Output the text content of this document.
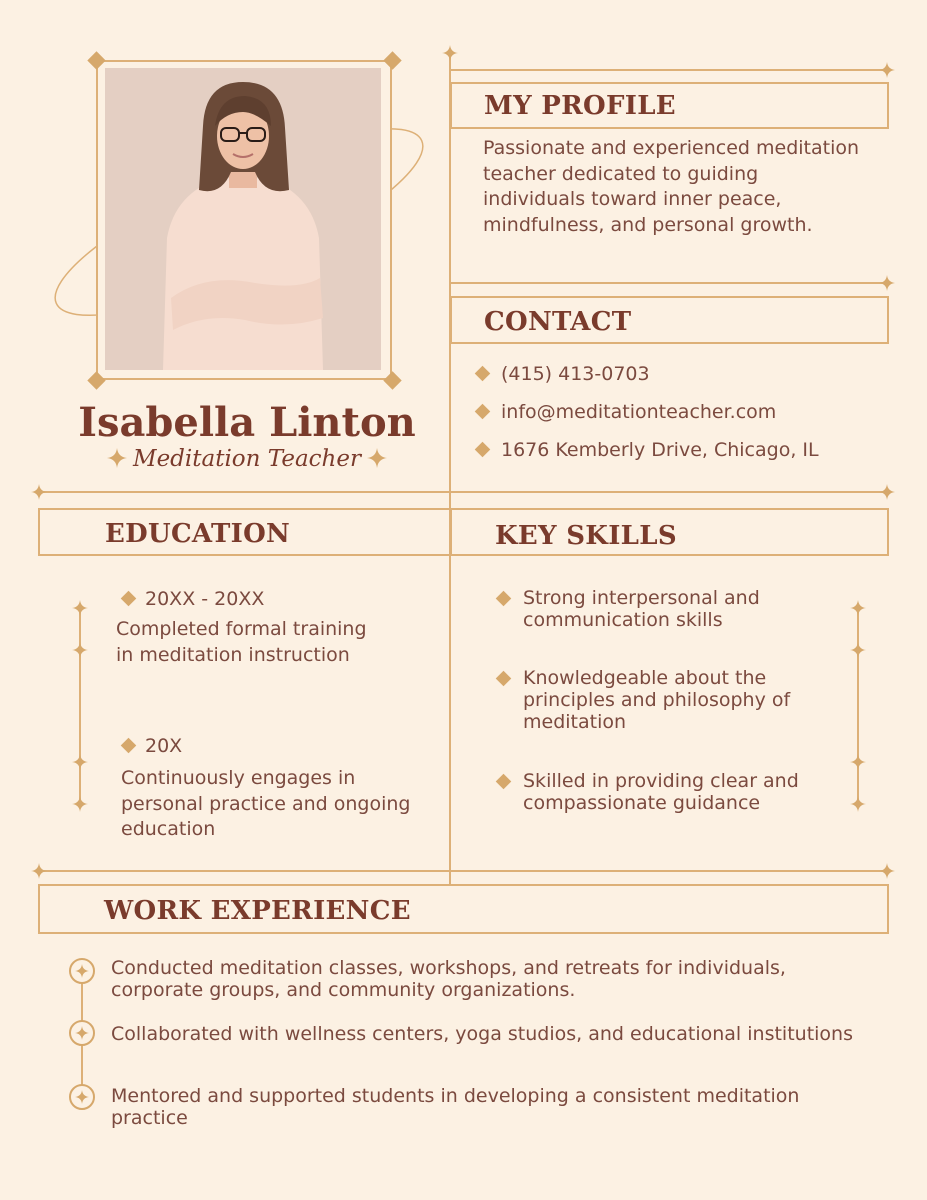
Isabella Linton
Meditation Teacher
MY PROFILE
Passionate and experienced meditation teacher dedicated to guiding individuals toward inner peace, mindfulness, and personal growth.
CONTACT
(415) 413-0703
info@meditationteacher.com
1676 Kemberly Drive, Chicago, IL
EDUCATION
20XX - 20XX
Completed formal training in meditation instruction
20X
Continuously engages in personal practice and ongoing education
KEY SKILLS
Strong interpersonal and communication skills
Knowledgeable about the principles and philosophy of meditation
Skilled in providing clear and compassionate guidance
WORK EXPERIENCE
Conducted meditation classes, workshops, and retreats for individuals, corporate groups, and community organizations.
Collaborated with wellness centers, yoga studios, and educational institutions
Mentored and supported students in developing a consistent meditation practice
